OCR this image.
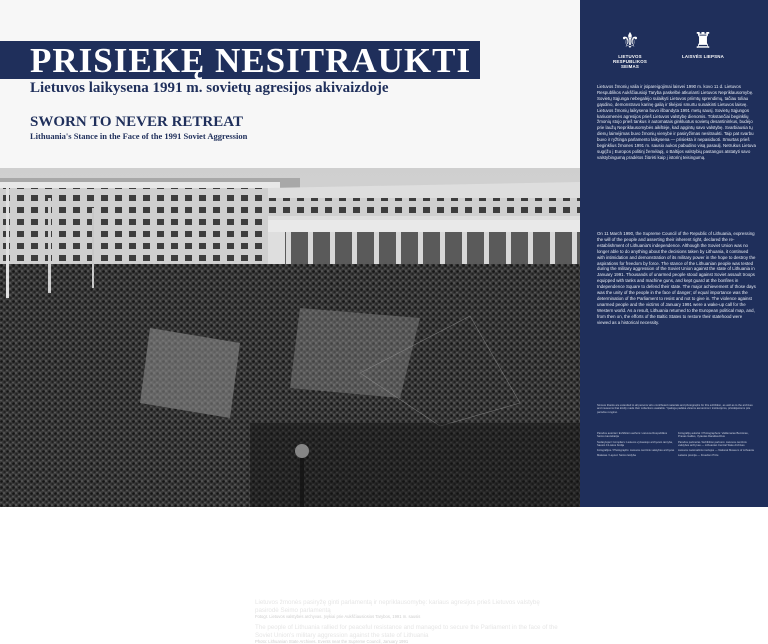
PRISIEKĘ NESITRAUKTI
Lietuvos laikysena 1991 m. sovietų agresijos akivaizdoje
SWORN TO NEVER RETREAT
Lithuania's Stance in the Face of the 1991 Soviet Aggression
Lietuvos žmonės pasiryžę ginti parlamentą ir nepriklausomybę: kariaus agresijos prieš Lietuvos valstybę pasirodė Seimo parlamentą
Fotogr. Lietuvos valstybės archyvas. Įvykiai prie Aukščiausiosios Tarybos, 1991 m. sausis
The people of Lithuania rallied for peaceful resistance and managed to secure the Parliament in the face of the Soviet Union's military aggression against the state of Lithuania
Photo: Lithuanian State Archives. Events near the Supreme Council, January 1991
⚜
LIETUVOS RESPUBLIKOS SEIMAS
♜
LAISVĖS LIEPSNA
Lietuvos žmonių valia ir įsipareigojimai laisvei 1990 m. kovo 11 d. Lietuvos Respublikos Aukščiausioji Taryba paskelbė atkurianti Lietuvos Nepriklausomybę. Sovietų Sąjunga nebegalėjo sulaikyti Lietuvos priimtų sprendimų, tačiau toliau gąsdino, demonstravo karinę galią ir tikėjosi smurtu sunaikinti Lietuvos laisvę. Lietuvos žmonių laikysena buvo išbandyta 1991 metų sausį. Sovietų Sąjungos kariuomenės agresijos prieš Lietuvos valstybę dienomis. Tūkstančiai beginklių žmonių stojo prieš tankus ir automatais ginkluotus sovietų desantininkus, budėjo prie laužų Nepriklausomybės aikštėje, kad apgintų savo valstybę. Svarbiausia tų dienų laimėjimas buvo žmonių vienybė ir pasiryžimas nesitraukti. Taip pat svarbu buvo ir ryžtinga parlamento laikysena — prisiekta ir nepasiduoti. Smurtas prieš beginklius žmones 1991 m. sausio aukos pabudino visą pasaulį. Netrukus Lietuva sugrįžo į Europos politinį žemėlapį, o Baltijos valstybių pastangos atstatyti savo valstybingumą pradėtos žiūrėti kaip į istorinį teisingumą.
On 11 March 1990, the Supreme Council of the Republic of Lithuania, expressing the will of the people and asserting their inherent right, declared the re-establishment of Lithuania's independence. Although the Soviet Union was no longer able to do anything about the decisions taken by Lithuania, it continued with intimidation and demonstration of its military power in the hope to destroy the aspirations for freedom by force. The stance of the Lithuanian people was tested during the military aggression of the Soviet Union against the state of Lithuania in January 1991. Thousands of unarmed people stood against Soviet assault troops equipped with tanks and machine guns, and kept guard at the bonfires in Independence Square to defend their state. The major achievement of those days was the unity of the people in the face of danger; of equal importance was the determination of the Parliament to resist and not to give in. The violence against unarmed people and the victims of January 1991 were a wake-up call for the Western world. As a result, Lithuania returned to the European political map, and, from then on, the efforts of the Baltic States to restore their statehood were viewed as a historical necessity.
Sincere thanks are extended to all persons who contributed materials and photographs for this exhibition, as well as to the archives and museums that kindly made their collections available. Ypatinga padėka visiems asmenims ir institucijoms, prisidėjusioms prie parodos rengimo.

Parodos autoriai / Exhibition authors: Lietuvos Respublikos Seimo kanceliarija

Sudarytojai / Compilers: Lietuvos vyriausiojo archyvaro tarnyba, Sausio 13-osios brolija

Fotografijos / Photographs: Lietuvos centrinis valstybės archyvas

Maketas / Layout: Seimo leidyba

Fotografijų autoriai / Photographers: Valdemaras Beniūnas, Pranas Gailius, Vytautas Daraškevičius

Parodos partneriai / Exhibition partners: Lietuvos centrinis valstybės archyvas — Lithuanian Central State Archives

Lietuvos nacionalinis muziejus — National Museum of Lithuania

Laisvės premija — Freedom Prize
